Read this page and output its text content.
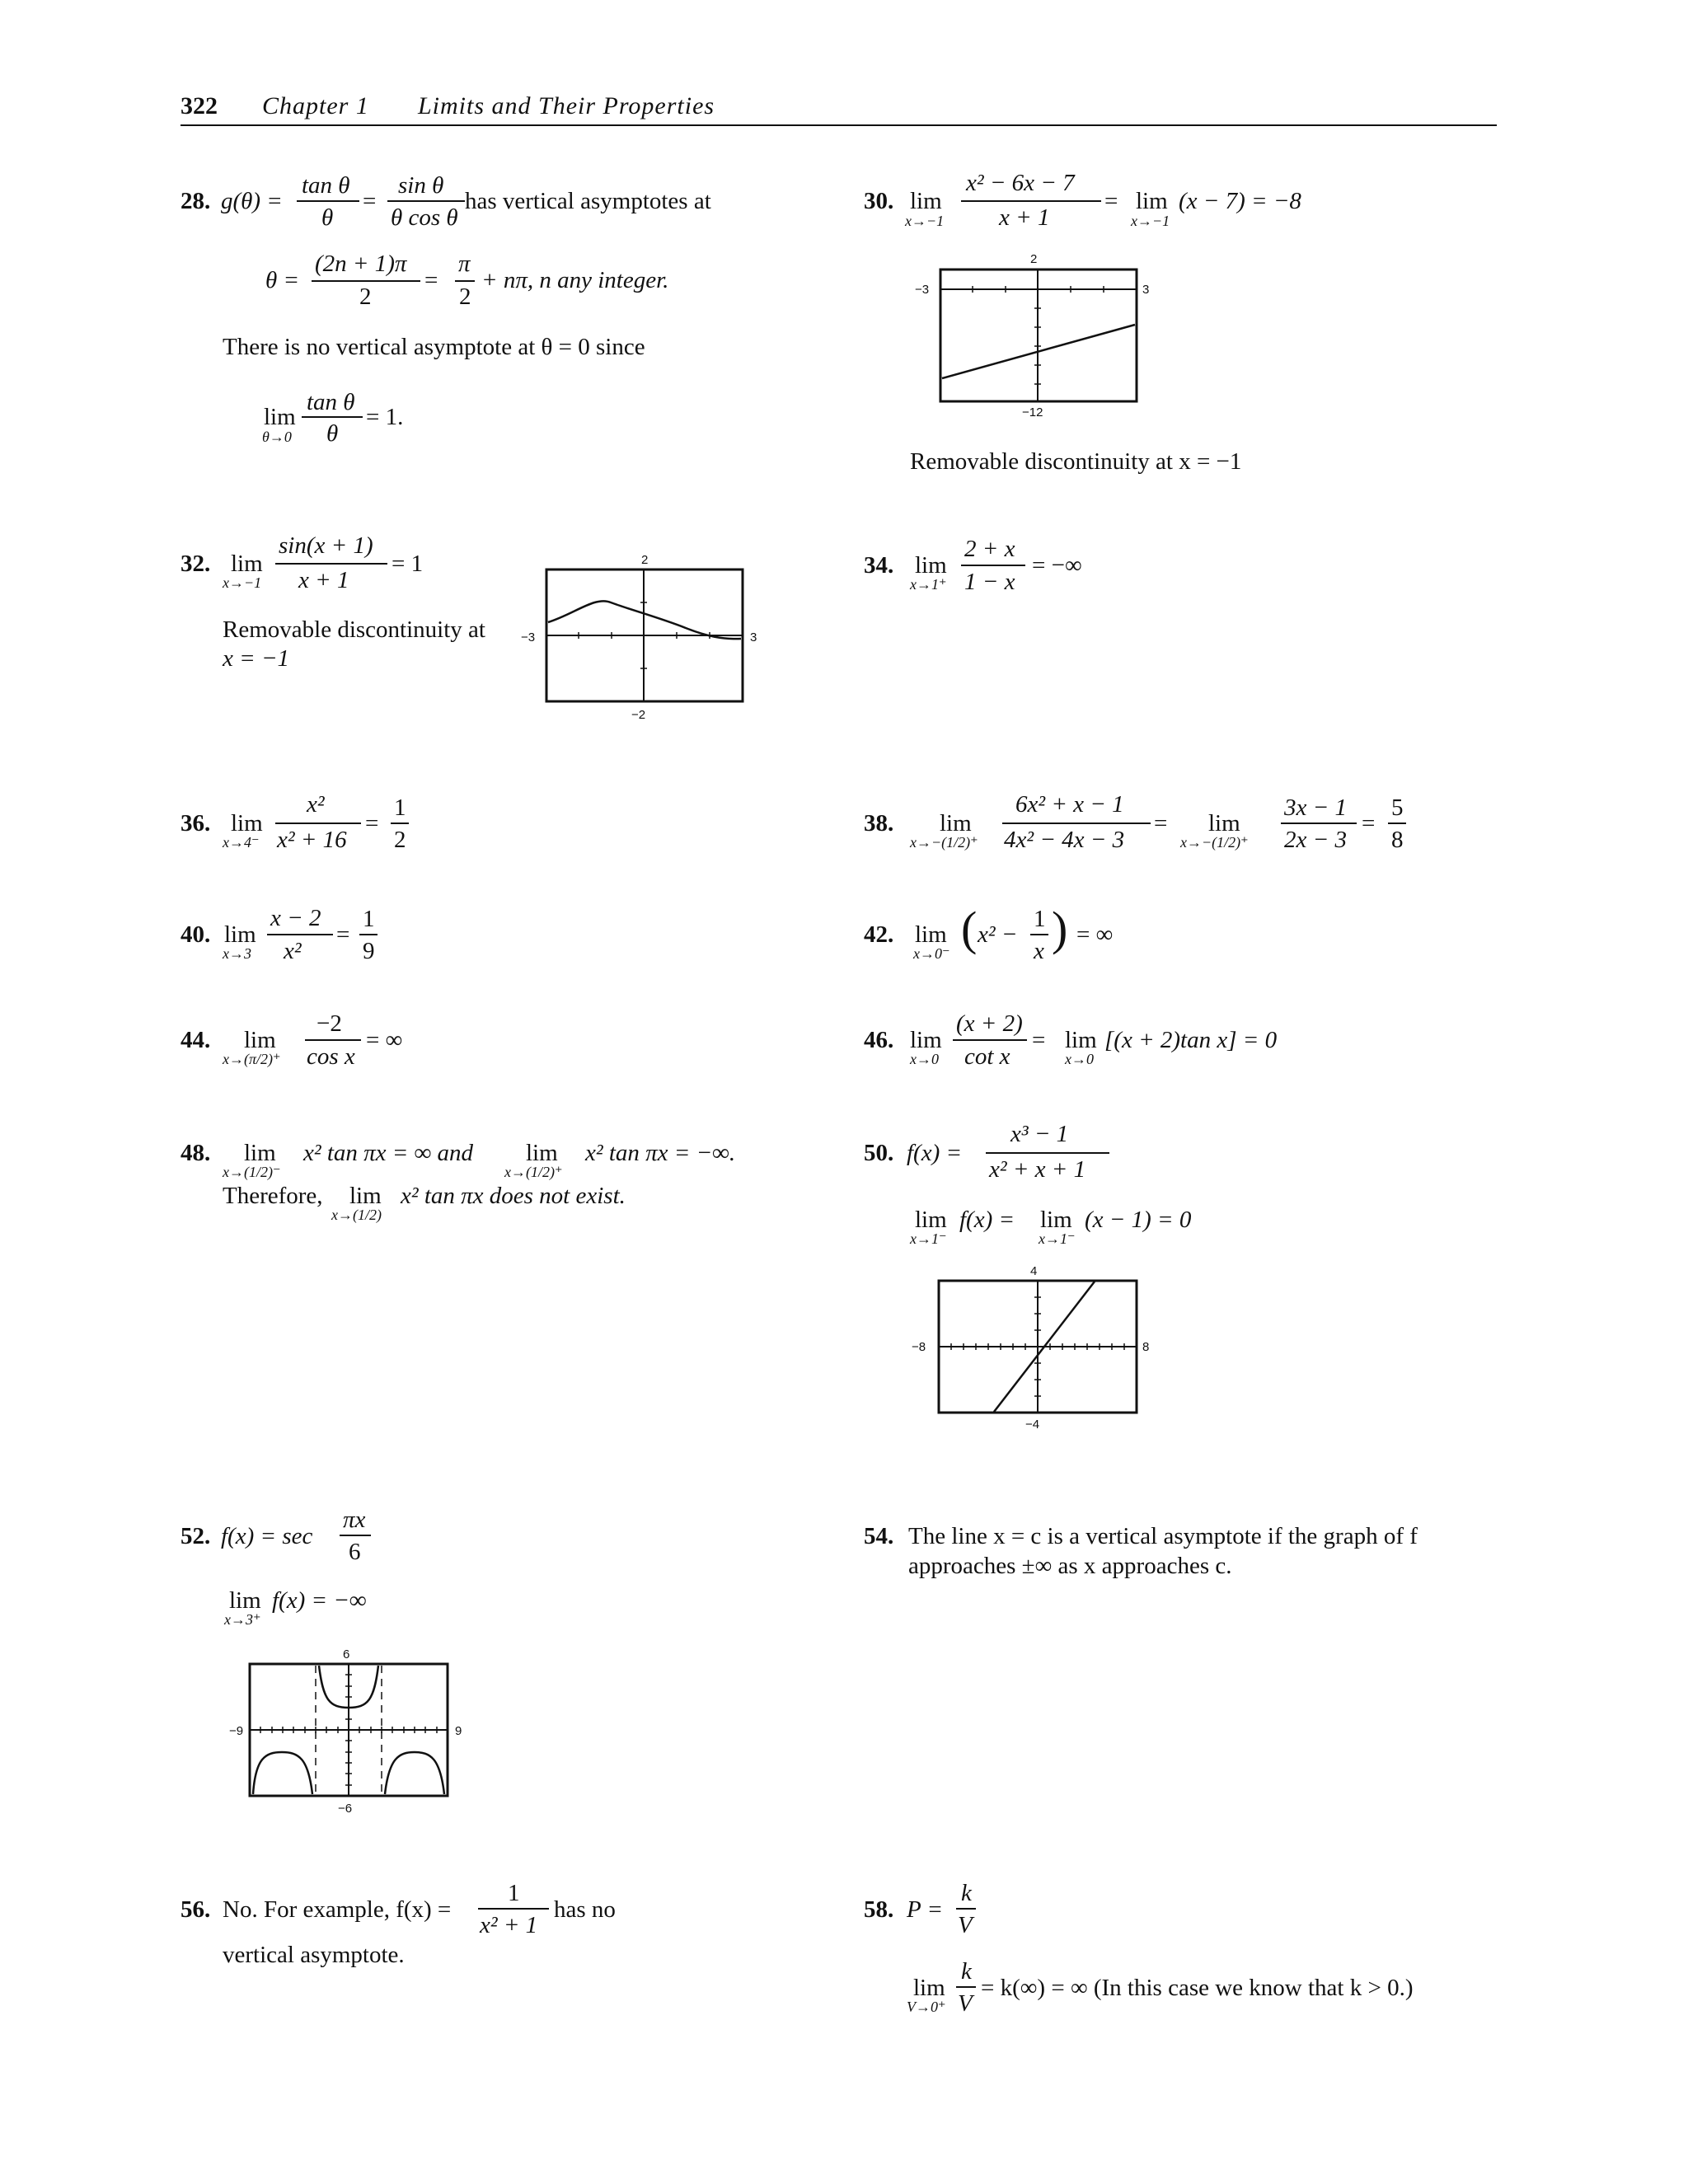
322 Chapter 1 Limits and Their Properties
28. g(θ) =
tan θ
θ
=
sin θ
θ cos θ
has vertical asymptotes at
θ =
(2n + 1)π
2
=
π
2
+ nπ, n any integer.
There is no vertical asymptote at θ = 0 since
lim
θ→0
tan θ
θ
= 1.
30. lim
x→−1
x² − 6x − 7
x + 1
= lim
x→−1
(x − 7) = −8
2
−3	3
−12
Removable discontinuity at x = −1
32. lim
x→−1
sin(x + 1)
x + 1
= 1
Removable discontinuity at
x = −1
2
−3	3
−2
34. lim
x→1⁺
2 + x
1 − x
= −∞
36. lim
x→4⁻
x²
x² + 16
=
1
2
38. lim
x→−(1/2)⁺
6x² + x − 1
4x² − 4x − 3
= lim
x→−(1/2)⁺
3x − 1
2x − 3
=
5
8
40. lim
x→3
x − 2
x²
=
1
9
42. lim
x→0⁻ ( x² −
1
x ) = ∞
44. lim
x→(π/2)⁺
−2
cos x
= ∞	46. lim
x→0
(x + 2)
cot x
= lim
x→0
[(x + 2)tan x] = 0
48. lim
x→(1/2)⁻
x² tan πx = ∞ and lim
x→(1/2)⁺
x² tan πx = −∞.
Therefore, lim
x→(1/2)
x² tan πx does not exist.
50. f(x) =
x³ − 1
x² + x + 1
lim
x→1⁻
f(x) = lim
x→1⁻
(x − 1) = 0
4
−8	8
−4
52. f(x) = sec
πx
6
lim
x→3⁺
f(x) = −∞
6
−9	9
−6
54. The line x = c is a vertical asymptote if the graph of f
approaches ±∞ as x approaches c.
56. No. For example, f(x) =
1
x² + 1
has no
vertical asymptote.
58. P =
k
V
lim
V→0⁺
k
V
= k(∞) = ∞ (In this case we know that k > 0.)
